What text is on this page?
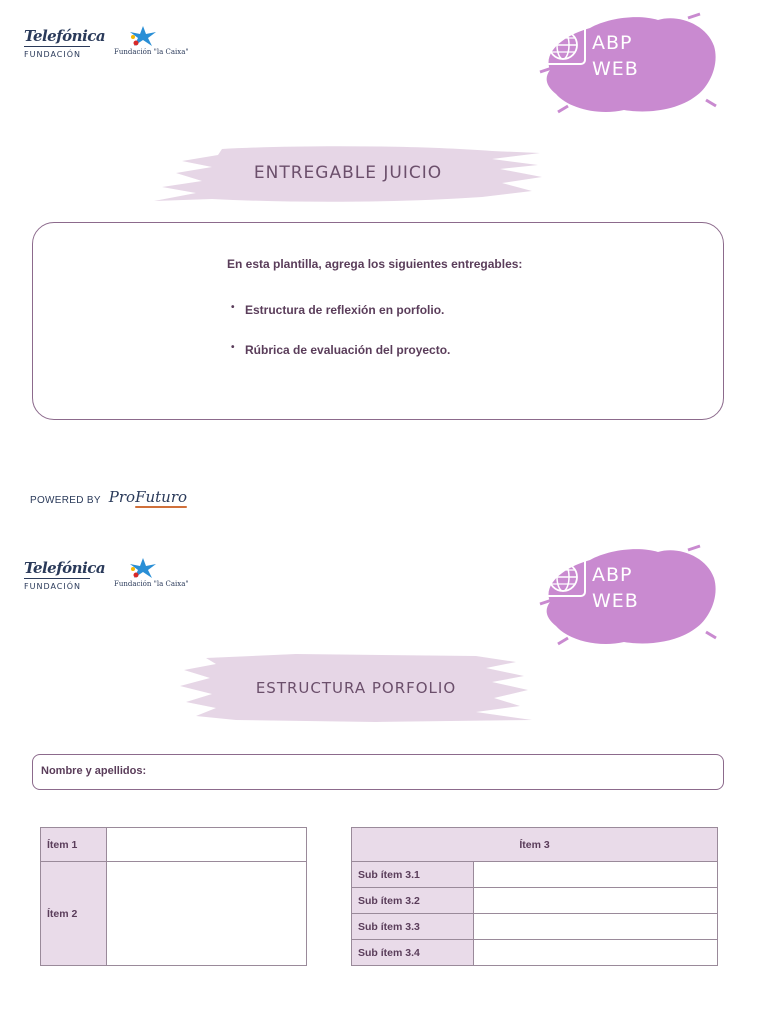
Telefónica
FUNDACIÓN	Fundación "la Caixa"	ABP
WEB
ENTREGABLE JUICIO
En esta plantilla, agrega los siguientes entregables:
• Estructura de reflexión en porfolio.
• Rúbrica de evaluación del proyecto.
POWERED BY ProFuturo
Telefónica
FUNDACIÓN	Fundación "la Caixa"	ABP
WEB
ESTRUCTURA PORFOLIO
Nombre y apellidos:
Ítem 1	
Ítem 2	
Ítem 3	
Sub ítem 3.1	
Sub ítem 3.2	
Sub ítem 3.3	
Sub ítem 3.4	
